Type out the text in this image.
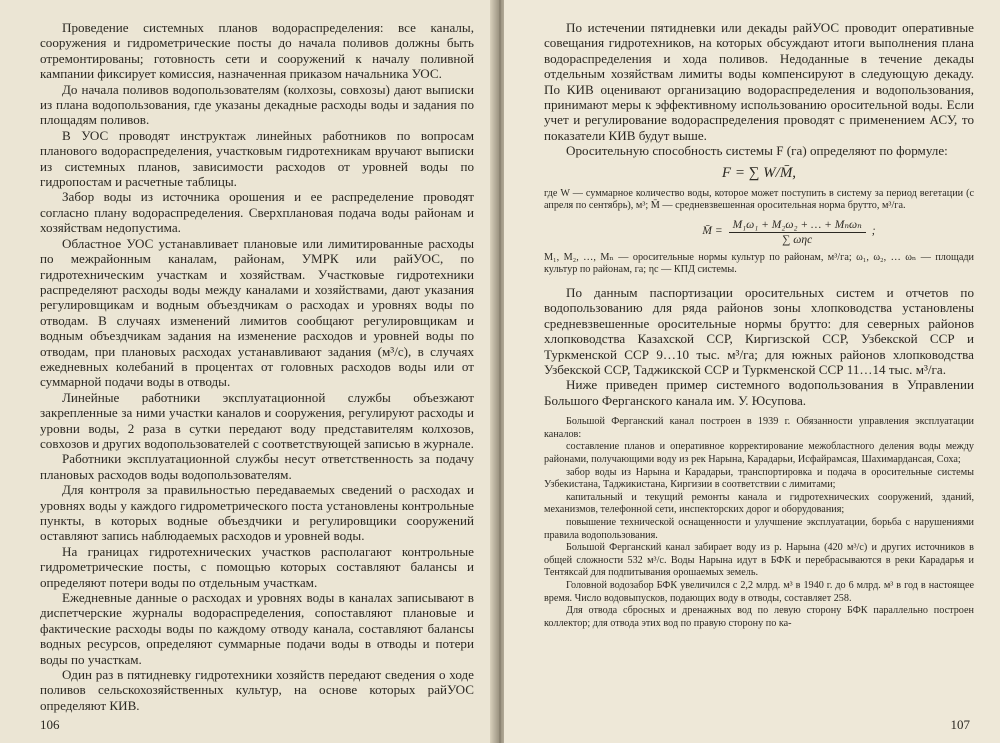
Проведение системных планов водораспределения: все каналы, сооружения и гидрометрические посты до начала поливов должны быть отремонтированы; готовность сети и сооружений к началу поливной кампании фиксирует комиссия, назначенная приказом начальника УОС.

До начала поливов водопользователям (колхозы, совхозы) дают выписки из плана водопользования, где указаны декадные расходы воды и задания по площадям поливов.

В УОС проводят инструктаж линейных работников по вопросам планового водораспределения, участковым гидротехникам вручают выписки из системных планов, зависимости расходов от уровней воды по гидропостам и расчетные таблицы.

Забор воды из источника орошения и ее распределение проводят согласно плану водораспределения. Сверхплановая подача воды районам и хозяйствам недопустима.

Областное УОС устанавливает плановые или лимитированные расходы по межрайонным каналам, районам, УМРК или райУОС, по гидротехническим участкам и хозяйствам. Участковые гидротехники распределяют расходы воды между каналами и хозяйствами, дают указания регулировщикам и водным объездчикам о расходах и уровнях воды по отводам. В случаях изменений лимитов сообщают регулировщикам и водным объездчикам задания на изменение расходов и уровней воды по отводам, при плановых расходах устанавливают задания (м³/с), в случаях ежедневных колебаний в процентах от головных расходов воды или от суммарной подачи воды в отводы.

Линейные работники эксплуатационной службы объезжают закрепленные за ними участки каналов и сооружения, регулируют расходы и уровни воды, 2 раза в сутки передают воду представителям колхозов, совхозов и других водопользователей с соответствующей записью в журнале.

Работники эксплуатационной службы несут ответственность за подачу плановых расходов воды водопользователям.

Для контроля за правильностью передаваемых сведений о расходах и уровнях воды у каждого гидрометрического поста установлены контрольные пункты, в которых водные объездчики и регулировщики сооружений оставляют запись наблюдаемых расходов и уровней воды.

На границах гидротехнических участков располагают контрольные гидрометрические посты, с помощью которых составляют балансы и определяют потери воды по отдельным участкам.

Ежедневные данные о расходах и уровнях воды в каналах записывают в диспетчерские журналы водораспределения, сопоставляют плановые и фактические расходы воды по каждому отводу канала, составляют балансы водных ресурсов, определяют суммарные подачи воды в отводы и потери воды по участкам.

Один раз в пятидневку гидротехники хозяйств передают сведения о ходе поливов сельскохозяйственных культур, на основе которых райУОС определяют КИВ.

106

По истечении пятидневки или декады райУОС проводит оперативные совещания гидротехников, на которых обсуждают итоги выполнения плана водораспределения и хода поливов. Недоданные в течение декады отдельным хозяйствам лимиты воды компенсируют в следующую декаду. По КИВ оценивают организацию водораспределения и водопользования, принимают меры к эффективному использованию оросительной воды. Если учет и регулирование водораспределения проводят с применением АСУ, то показатели КИВ будут выше.

Оросительную способность системы F (га) определяют по формуле:

F = ∑ W/M̄,

где W — суммарное количество воды, которое может поступить в систему за период вегетации (с апреля по сентябрь), м³; M̄ — средневзвешенная оросительная норма брутто, м³/га.

M̄ = $\frac{\text{M₁ω₁ + M₂ω₂ + … + Mₙωₙ}}{\text{∑ ωηc}}$ ;

M₁, M₂, …, Mₙ — оросительные нормы культур по районам, м³/га; ω₁, ω₂, … ωₙ — площади культур по районам, га; ηc — КПД системы.

По данным паспортизации оросительных систем и отчетов по водопользованию для ряда районов зоны хлопководства установлены средневзвешенные оросительные нормы брутто: для северных районов хлопководства Казахской ССР, Киргизской ССР, Узбекской ССР и Туркменской ССР 9…10 тыс. м³/га; для южных районов хлопководства Узбекской ССР, Таджикской ССР и Туркменской ССР 11…14 тыс. м³/га.

Ниже приведен пример системного водопользования в Управлении Большого Ферганского канала им. У. Юсупова.

Большой Ферганский канал построен в 1939 г. Обязанности управления эксплуатации каналов:

составление планов и оперативное корректирование межобластного деления воды между районами, получающими воду из рек Нарына, Карадарьи, Исфайрамсая, Шахимардансая, Соха;

забор воды из Нарына и Карадарьи, транспортировка и подача в оросительные системы Узбекистана, Таджикистана, Киргизии в соответствии с лимитами;

капитальный и текущий ремонты канала и гидротехнических сооружений, зданий, механизмов, телефонной сети, инспекторских дорог и оборудования;

повышение технической оснащенности и улучшение эксплуатации, борьба с нарушениями правила водопользования.

Большой Ферганский канал забирает воду из р. Нарына (420 м³/с) и других источников в общей сложности 532 м³/с. Воды Нарына идут в БФК и перебрасываются в реки Карадарья и Тентяксай для подпитывания орошаемых земель.

Головной водозабор БФК увеличился с 2,2 млрд. м³ в 1940 г. до 6 млрд. м³ в год в настоящее время. Число водовыпусков, подающих воду в отводы, составляет 258.

Для отвода сбросных и дренажных вод по левую сторону БФК параллельно построен коллектор; для отвода этих вод по правую сторону по ка-

107
